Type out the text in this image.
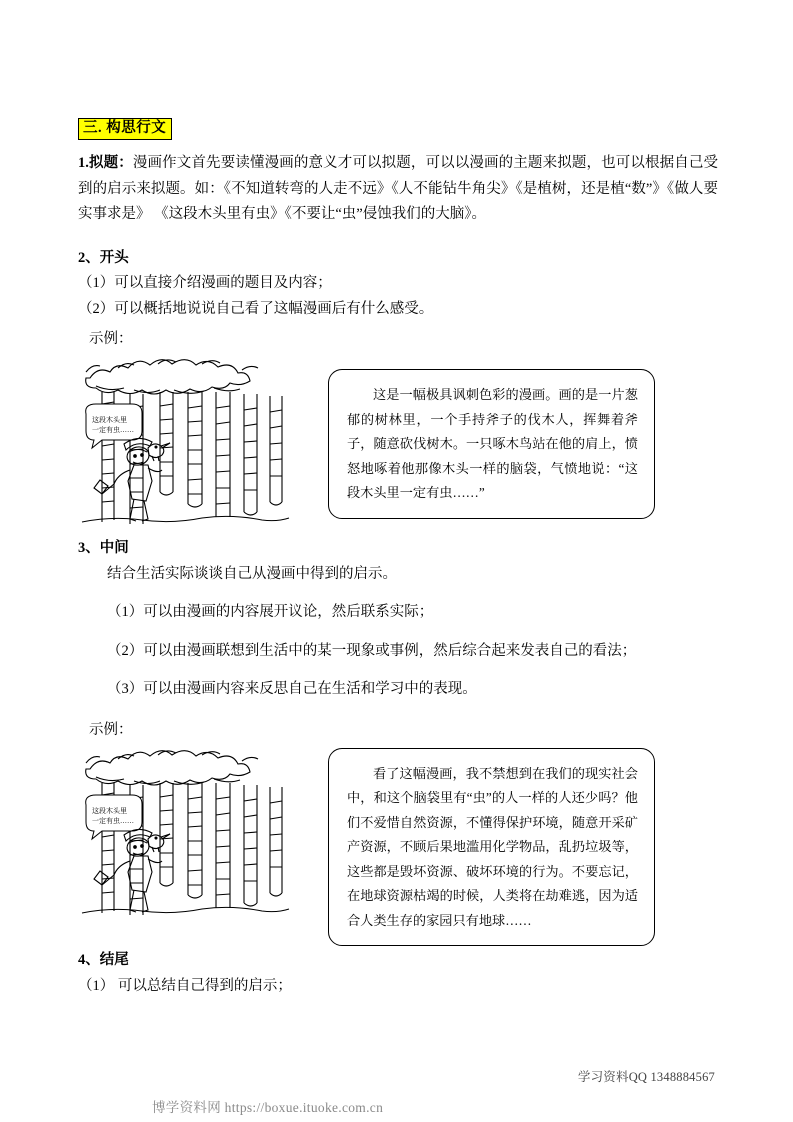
三. 构思行文

1.拟题：漫画作文首先要读懂漫画的意义才可以拟题，可以以漫画的主题来拟题，也可以根据自己受到的启示来拟题。如：《不知道转弯的人走不远》《人不能钻牛角尖》《是植树，还是植“数”》《做人要实事求是》 《这段木头里有虫》《不要让“虫”侵蚀我们的大脑》。

2、开头

（1）可以直接介绍漫画的题目及内容；

（2）可以概括地说说自己看了这幅漫画后有什么感受。

示例：

这段木头里
一定有虫……

这是一幅极具讽刺色彩的漫画。画的是一片葱郁的树林里，一个手持斧子的伐木人，挥舞着斧子，随意砍伐树木。一只啄木鸟站在他的肩上，愤怒地啄着他那像木头一样的脑袋，气愤地说：“这段木头里一定有虫……”

3、中间

结合生活实际谈谈自己从漫画中得到的启示。

（1）可以由漫画的内容展开议论，然后联系实际；

（2）可以由漫画联想到生活中的某一现象或事例，然后综合起来发表自己的看法；

（3）可以由漫画内容来反思自己在生活和学习中的表现。

示例：

这段木头里
一定有虫……

看了这幅漫画，我不禁想到在我们的现实社会中，和这个脑袋里有“虫”的人一样的人还少吗？他们不爱惜自然资源，不懂得保护环境，随意开采矿产资源，不顾后果地滥用化学物品，乱扔垃圾等，这些都是毁坏资源、破坏环境的行为。不要忘记，在地球资源枯竭的时候，人类将在劫难逃，因为适合人类生存的家园只有地球……

4、结尾

（1） 可以总结自己得到的启示；

学习资料QQ 1348884567
博学资料网 https://boxue.ituoke.com.cn
